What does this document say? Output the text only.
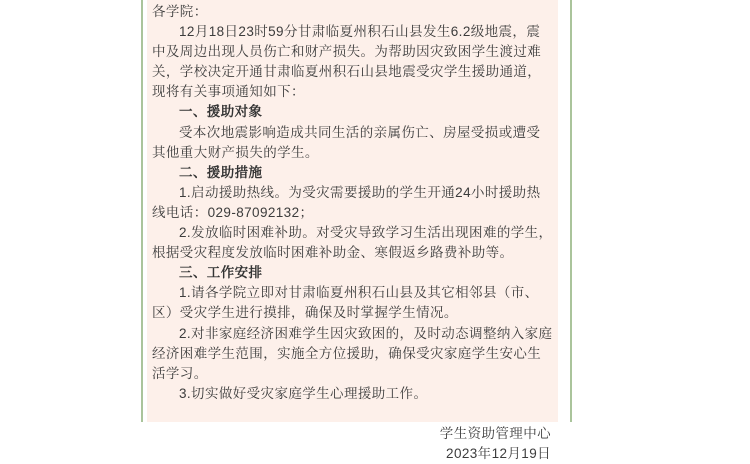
各学院：

12月18日23时59分甘肃临夏州积石山县发生6.2级地震，震中及周边出现人员伤亡和财产损失。为帮助因灾致困学生渡过难关，学校决定开通甘肃临夏州积石山县地震受灾学生援助通道，现将有关事项通知如下：

一、援助对象

受本次地震影响造成共同生活的亲属伤亡、房屋受损或遭受其他重大财产损失的学生。

二、援助措施

1.启动援助热线。为受灾需要援助的学生开通24小时援助热线电话：029-87092132；

2.发放临时困难补助。对受灾导致学习生活出现困难的学生，根据受灾程度发放临时困难补助金、寒假返乡路费补助等。

三、工作安排

1.请各学院立即对甘肃临夏州积石山县及其它相邻县（市、区）受灾学生进行摸排，确保及时掌握学生情况。

2.对非家庭经济困难学生因灾致困的，及时动态调整纳入家庭经济困难学生范围，实施全方位援助，确保受灾家庭学生安心生活学习。

3.切实做好受灾家庭学生心理援助工作。

学生资助管理中心

2023年12月19日
